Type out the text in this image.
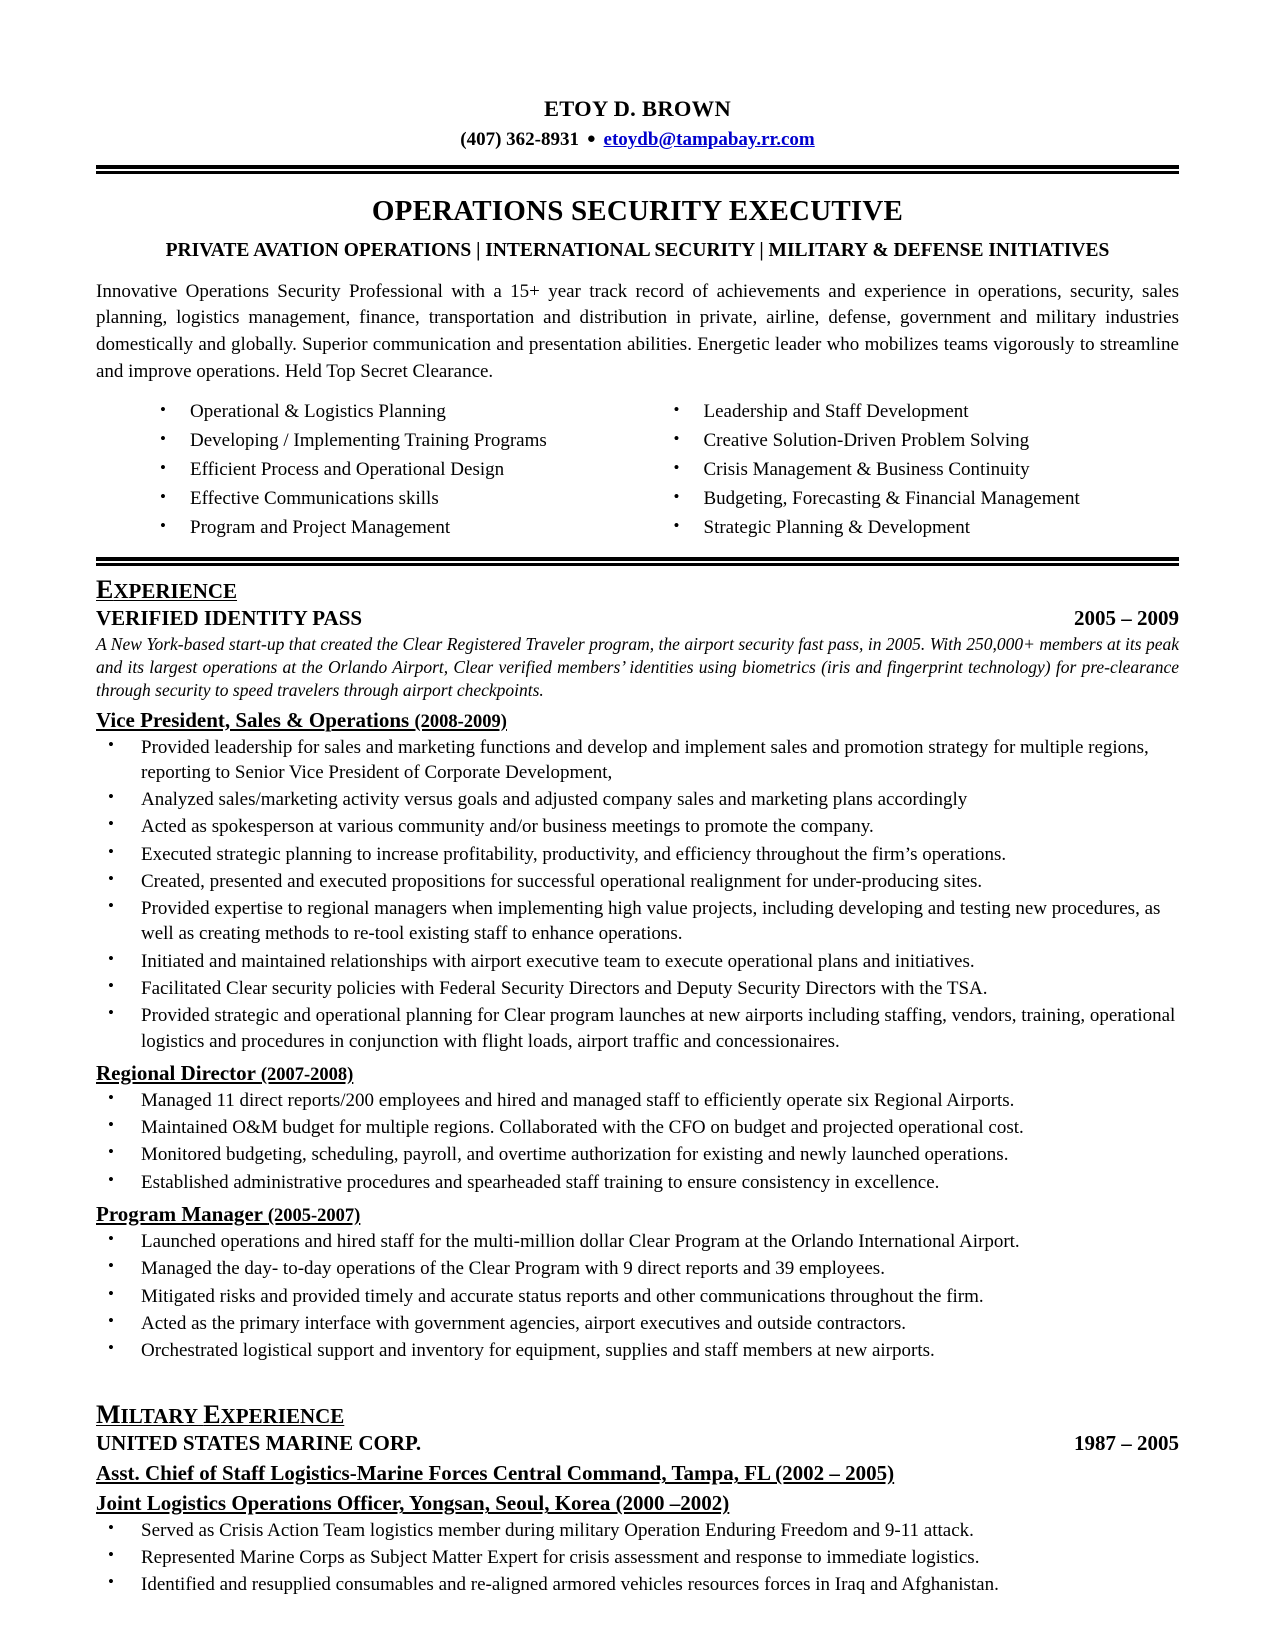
ETOY D. BROWN
(407) 362-8931 ● etoydb@tampabay.rr.com
OPERATIONS SECURITY EXECUTIVE
PRIVATE AVATION OPERATIONS | INTERNATIONAL SECURITY | MILITARY & DEFENSE INITIATIVES
Innovative Operations Security Professional with a 15+ year track record of achievements and experience in operations, security, sales planning, logistics management, finance, transportation and distribution in private, airline, defense, government and military industries domestically and globally. Superior communication and presentation abilities. Energetic leader who mobilizes teams vigorously to streamline and improve operations. Held Top Secret Clearance.
• Operational & Logistics Planning
• Developing / Implementing Training Programs
• Efficient Process and Operational Design
• Effective Communications skills
• Program and Project Management
• Leadership and Staff Development
• Creative Solution-Driven Problem Solving
• Crisis Management & Business Continuity
• Budgeting, Forecasting & Financial Management
• Strategic Planning & Development
EXPERIENCE
VERIFIED IDENTITY PASS	2005 – 2009
A New York-based start-up that created the Clear Registered Traveler program, the airport security fast pass, in 2005. With 250,000+ members at its peak and its largest operations at the Orlando Airport, Clear verified members’ identities using biometrics (iris and fingerprint technology) for pre-clearance through security to speed travelers through airport checkpoints.
Vice President, Sales & Operations (2008-2009)
• Provided leadership for sales and marketing functions and develop and implement sales and promotion strategy for multiple regions, reporting to Senior Vice President of Corporate Development,
• Analyzed sales/marketing activity versus goals and adjusted company sales and marketing plans accordingly
• Acted as spokesperson at various community and/or business meetings to promote the company.
• Executed strategic planning to increase profitability, productivity, and efficiency throughout the firm’s operations.
• Created, presented and executed propositions for successful operational realignment for under-producing sites.
• Provided expertise to regional managers when implementing high value projects, including developing and testing new procedures, as well as creating methods to re-tool existing staff to enhance operations.
• Initiated and maintained relationships with airport executive team to execute operational plans and initiatives.
• Facilitated Clear security policies with Federal Security Directors and Deputy Security Directors with the TSA.
• Provided strategic and operational planning for Clear program launches at new airports including staffing, vendors, training, operational logistics and procedures in conjunction with flight loads, airport traffic and concessionaires.
Regional Director (2007-2008)
• Managed 11 direct reports/200 employees and hired and managed staff to efficiently operate six Regional Airports.
• Maintained O&M budget for multiple regions. Collaborated with the CFO on budget and projected operational cost.
• Monitored budgeting, scheduling, payroll, and overtime authorization for existing and newly launched operations.
• Established administrative procedures and spearheaded staff training to ensure consistency in excellence.
Program Manager (2005-2007)
• Launched operations and hired staff for the multi-million dollar Clear Program at the Orlando International Airport.
• Managed the day- to-day operations of the Clear Program with 9 direct reports and 39 employees.
• Mitigated risks and provided timely and accurate status reports and other communications throughout the firm.
• Acted as the primary interface with government agencies, airport executives and outside contractors.
• Orchestrated logistical support and inventory for equipment, supplies and staff members at new airports.
MILTARY EXPERIENCE
UNITED STATES MARINE CORP.	1987 – 2005
Asst. Chief of Staff Logistics-Marine Forces Central Command, Tampa, FL (2002 – 2005)
Joint Logistics Operations Officer, Yongsan, Seoul, Korea (2000 –2002)
• Served as Crisis Action Team logistics member during military Operation Enduring Freedom and 9-11 attack.
• Represented Marine Corps as Subject Matter Expert for crisis assessment and response to immediate logistics.
• Identified and resupplied consumables and re-aligned armored vehicles resources forces in Iraq and Afghanistan.
